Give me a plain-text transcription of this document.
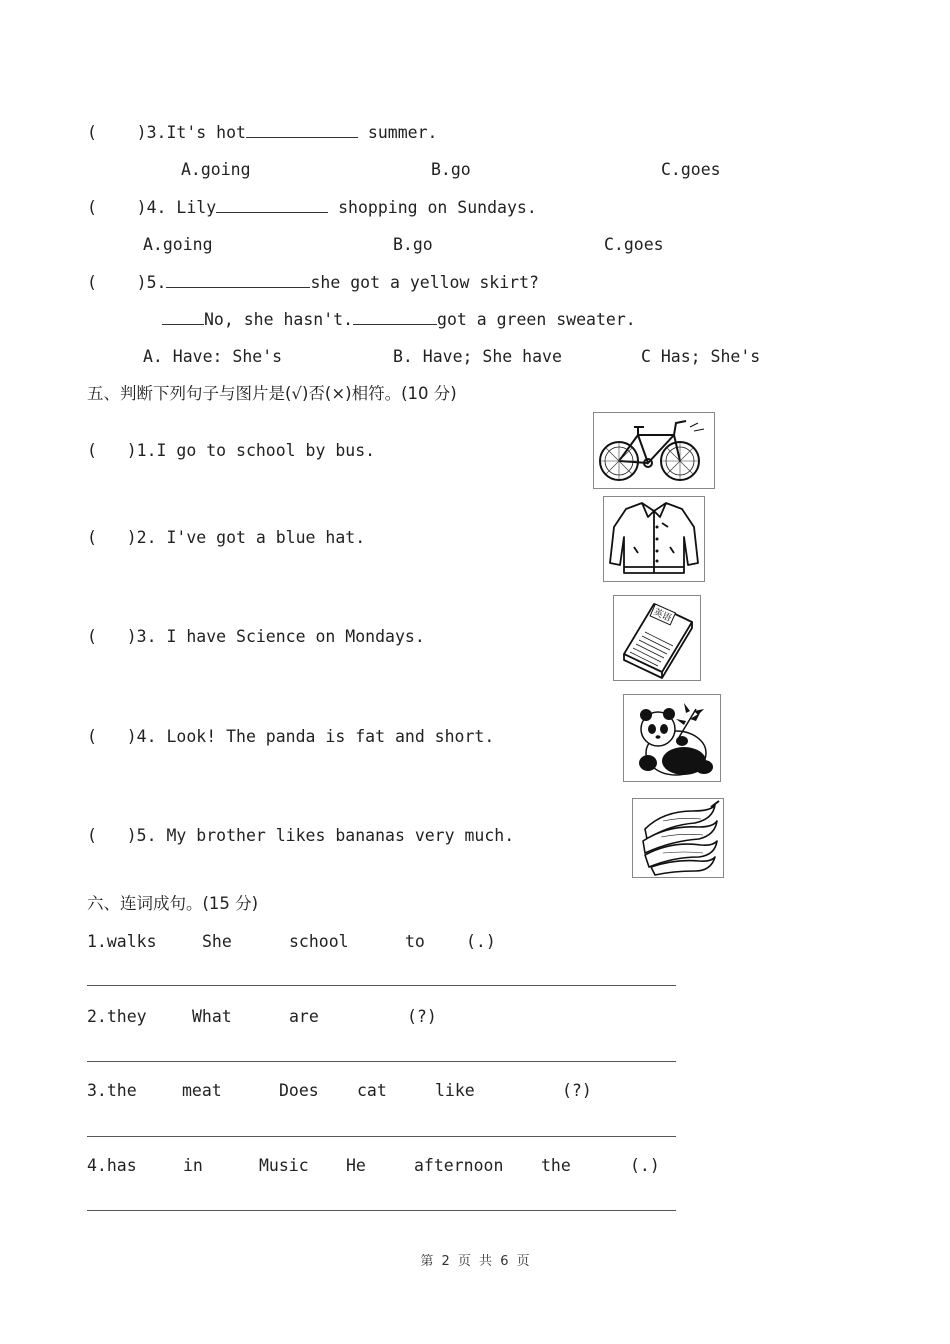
(    )3.It's hot	summer.
A.going	B.go	C.goes
(    )4. Lily	shopping on Sundays.
A.going	B.go	C.goes
(    )5.	she got a yellow skirt?
No, she hasn't.	got a green sweater.
A. Have: She's	B. Have; She have	C Has; She's
五、判断下列句子与图片是(√)否(×)相符。(10 分)
(   )1.I go to school by bus.
(   )2. I've got a blue hat.
(   )3. I have Science on Mondays.
(   )4. Look! The panda is fat and short.
(   )5. My brother likes bananas very much.
英语
六、连词成句。(15 分)
1.walks	She	school	to (.)
2.they	What	are	(?)
3.the	meat	Does cat	like	(?)
4.has	in	Music He	afternoon the	(.)
第 2 页 共 6 页
